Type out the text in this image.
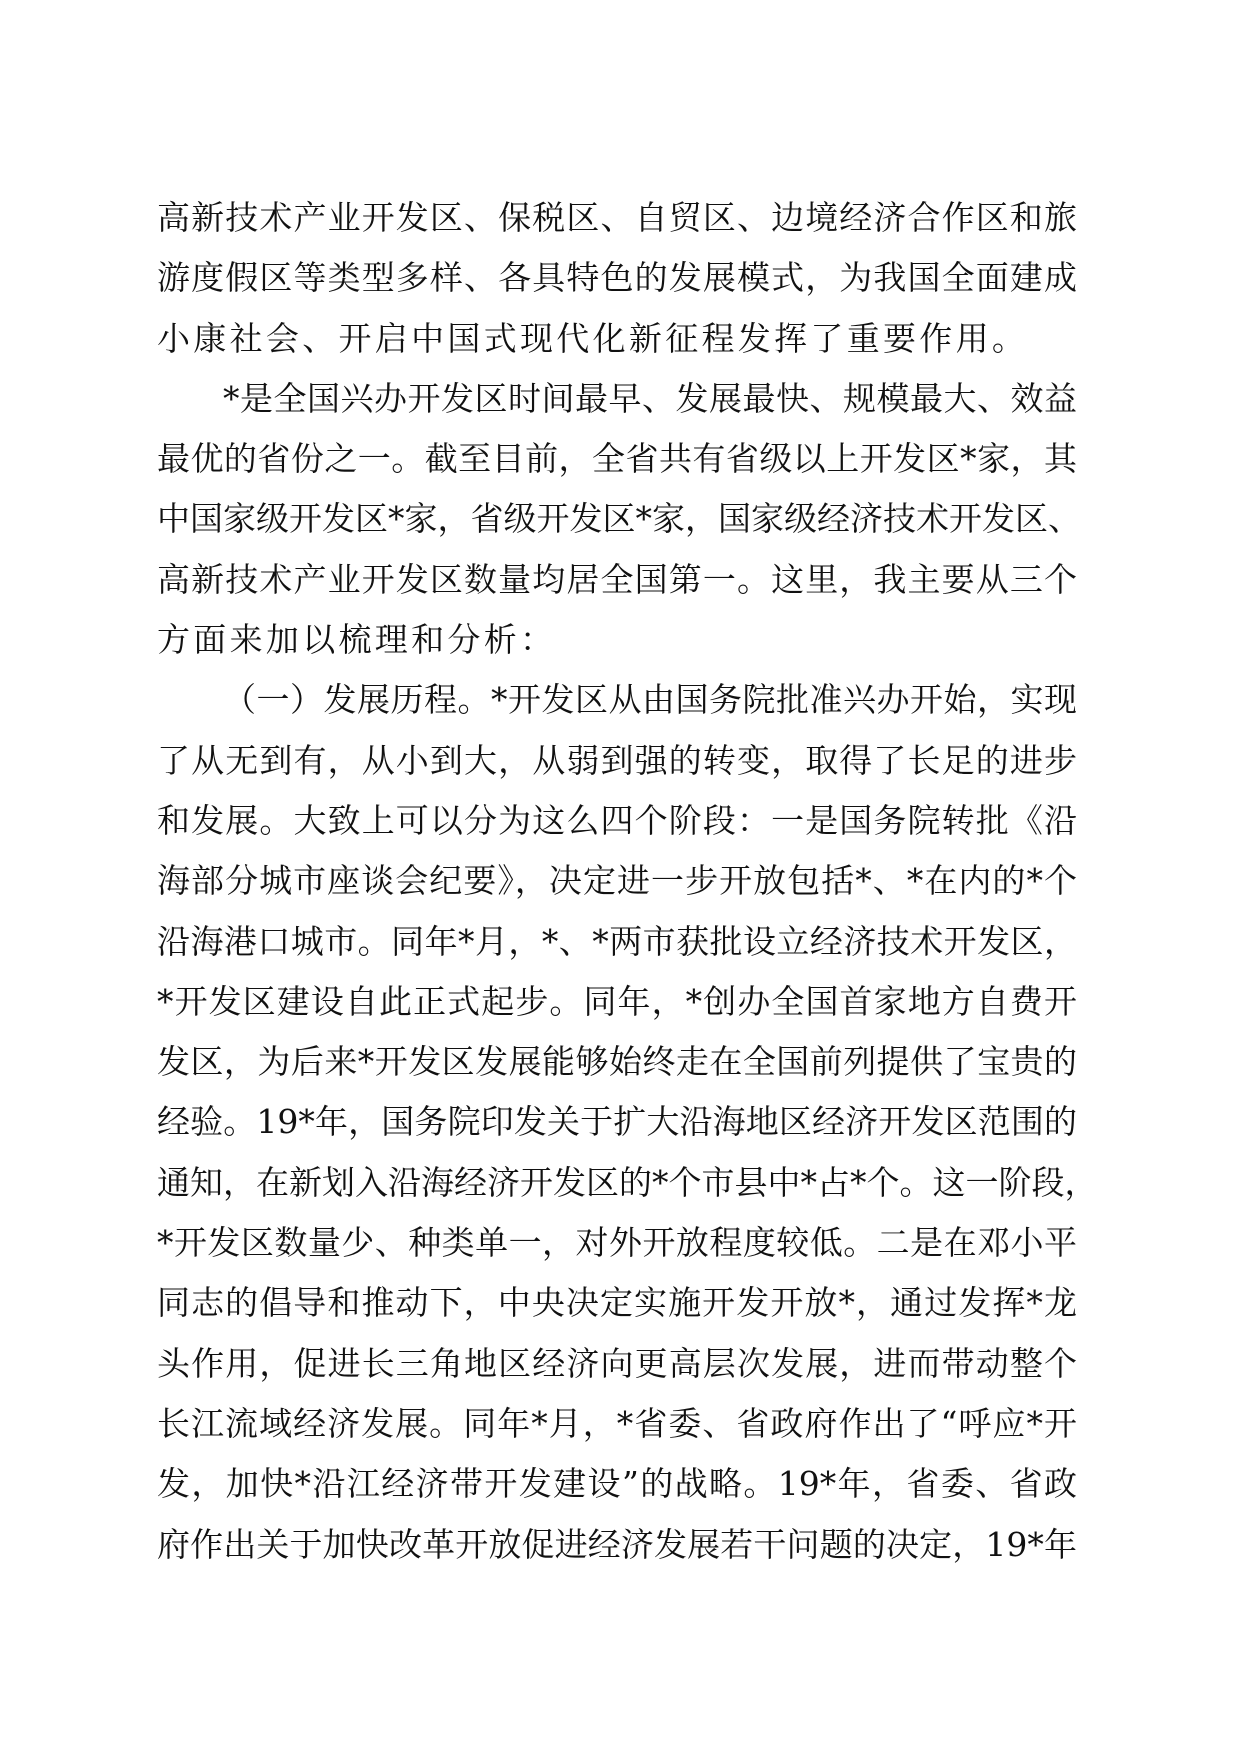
高新技术产业开发区、保税区、自贸区、边境经济合作区和旅
游度假区等类型多样、各具特色的发展模式，为我国全面建成
小康社会、开启中国式现代化新征程发挥了重要作用。
*是全国兴办开发区时间最早、发展最快、规模最大、效益
最优的省份之一。截至目前，全省共有省级以上开发区*家，其
中国家级开发区*家，省级开发区*家，国家级经济技术开发区、
高新技术产业开发区数量均居全国第一。这里，我主要从三个
方面来加以梳理和分析：
（一）发展历程。*开发区从由国务院批准兴办开始，实现
了从无到有，从小到大，从弱到强的转变，取得了长足的进步
和发展。大致上可以分为这么四个阶段：一是国务院转批《沿
海部分城市座谈会纪要》，决定进一步开放包括*、*在内的*个
沿海港口城市。同年*月，*、*两市获批设立经济技术开发区，
*开发区建设自此正式起步。同年，*创办全国首家地方自费开
发区，为后来*开发区发展能够始终走在全国前列提供了宝贵的
经验。19*年，国务院印发关于扩大沿海地区经济开发区范围的
通知，在新划入沿海经济开发区的*个市县中*占*个。这一阶段，
*开发区数量少、种类单一，对外开放程度较低。二是在邓小平
同志的倡导和推动下，中央决定实施开发开放*，通过发挥*龙
头作用，促进长三角地区经济向更高层次发展，进而带动整个
长江流域经济发展。同年*月，*省委、省政府作出了“呼应*开
发，加快*沿江经济带开发建设”的战略。19*年，省委、省政
府作出关于加快改革开放促进经济发展若干问题的决定，19*年
